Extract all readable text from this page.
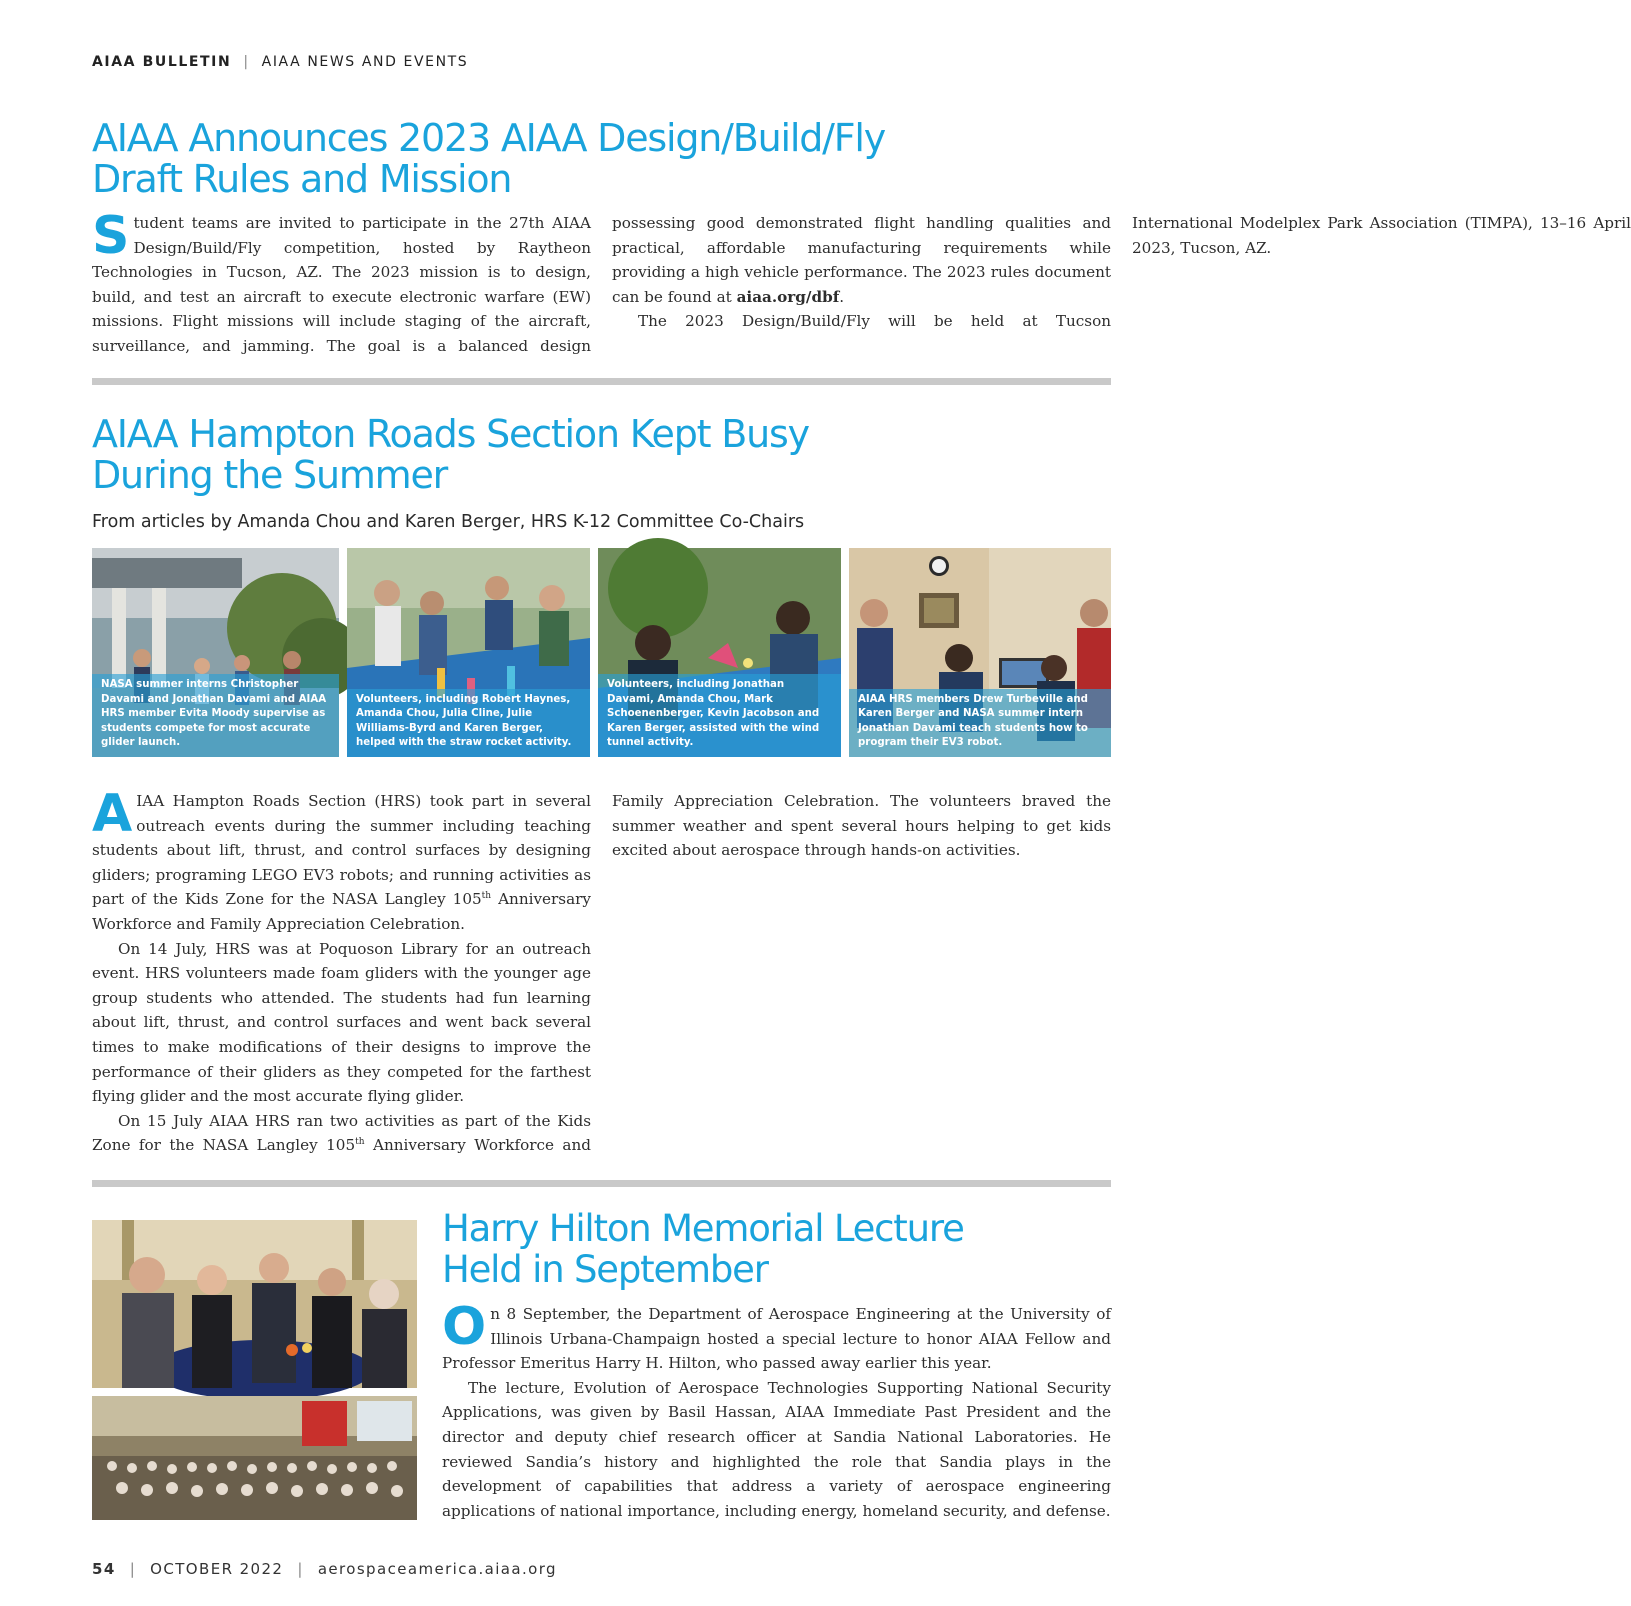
AIAA BULLETIN | AIAA NEWS AND EVENTS
AIAA Announces 2023 AIAA Design/Build/Fly
Draft Rules and Mission

Student teams are invited to participate in the 27th AIAA Design/Build/Fly competition, hosted by Raytheon Technologies in Tucson, AZ. The 2023 mission is to design, build, and test an aircraft to execute electronic warfare (EW) missions. Flight missions will include staging of the aircraft, surveillance, and jamming. The goal is a balanced design possessing good demonstrated flight handling qualities and practical, affordable manufacturing requirements while providing a high vehicle performance. The 2023 rules document can be found at aiaa.org/dbf.
The 2023 Design/Build/Fly will be held at Tucson International Modelplex Park Association (TIMPA), 13–16 April 2023, Tucson, AZ.

AIAA Hampton Roads Section Kept Busy
During the Summer
From articles by Amanda Chou and Karen Berger, HRS K-12 Committee Co-Chairs
NASA summer interns Christopher Davami and Jonathan Davami and AIAA HRS member Evita Moody supervise as students compete for most accurate glider launch.
Volunteers, including Robert Haynes, Amanda Chou, Julia Cline, Julie Williams-Byrd and Karen Berger, helped with the straw rocket activity.
Volunteers, including Jonathan Davami, Amanda Chou, Mark Schoenenberger, Kevin Jacobson and Karen Berger, assisted with the wind tunnel activity.
AIAA HRS members Drew Turbeville and Karen Berger and NASA summer intern Jonathan Davami teach students how to program their EV3 robot.

AIAA Hampton Roads Section (HRS) took part in several outreach events during the summer including teaching students about lift, thrust, and control surfaces by designing gliders; programing LEGO EV3 robots; and running activities as part of the Kids Zone for the NASA Langley 105th Anniversary Workforce and Family Appreciation Celebration.

On 14 July, HRS was at Poquoson Library for an outreach event. HRS volunteers made foam gliders with the younger age group students who attended. The students had fun learning about lift, thrust, and control surfaces and went back several times to make modifications of their designs to improve the performance of their gliders as they competed for the farthest flying glider and the most accurate flying glider.

On 15 July AIAA HRS ran two activities as part of the Kids Zone for the NASA Langley 105th Anniversary Workforce and Family Appreciation Celebration. The volunteers braved the summer weather and spent several hours helping to get kids excited about aerospace through hands-on activities.

Harry Hilton Memorial Lecture
Held in September

On 8 September, the Department of Aerospace Engineering at the University of Illinois Urbana-Champaign hosted a special lecture to honor AIAA Fellow and Professor Emeritus Harry H. Hilton, who passed away earlier this year.

The lecture, Evolution of Aerospace Technologies Supporting National Security Applications, was given by Basil Hassan, AIAA Immediate Past President and the director and deputy chief research officer at Sandia National Laboratories. He reviewed Sandia’s history and highlighted the role that Sandia plays in the development of capabilities that address a variety of aerospace engineering applications of national importance, including energy, homeland security, and defense.

54 | OCTOBER 2022 | aerospaceamerica.aiaa.org
